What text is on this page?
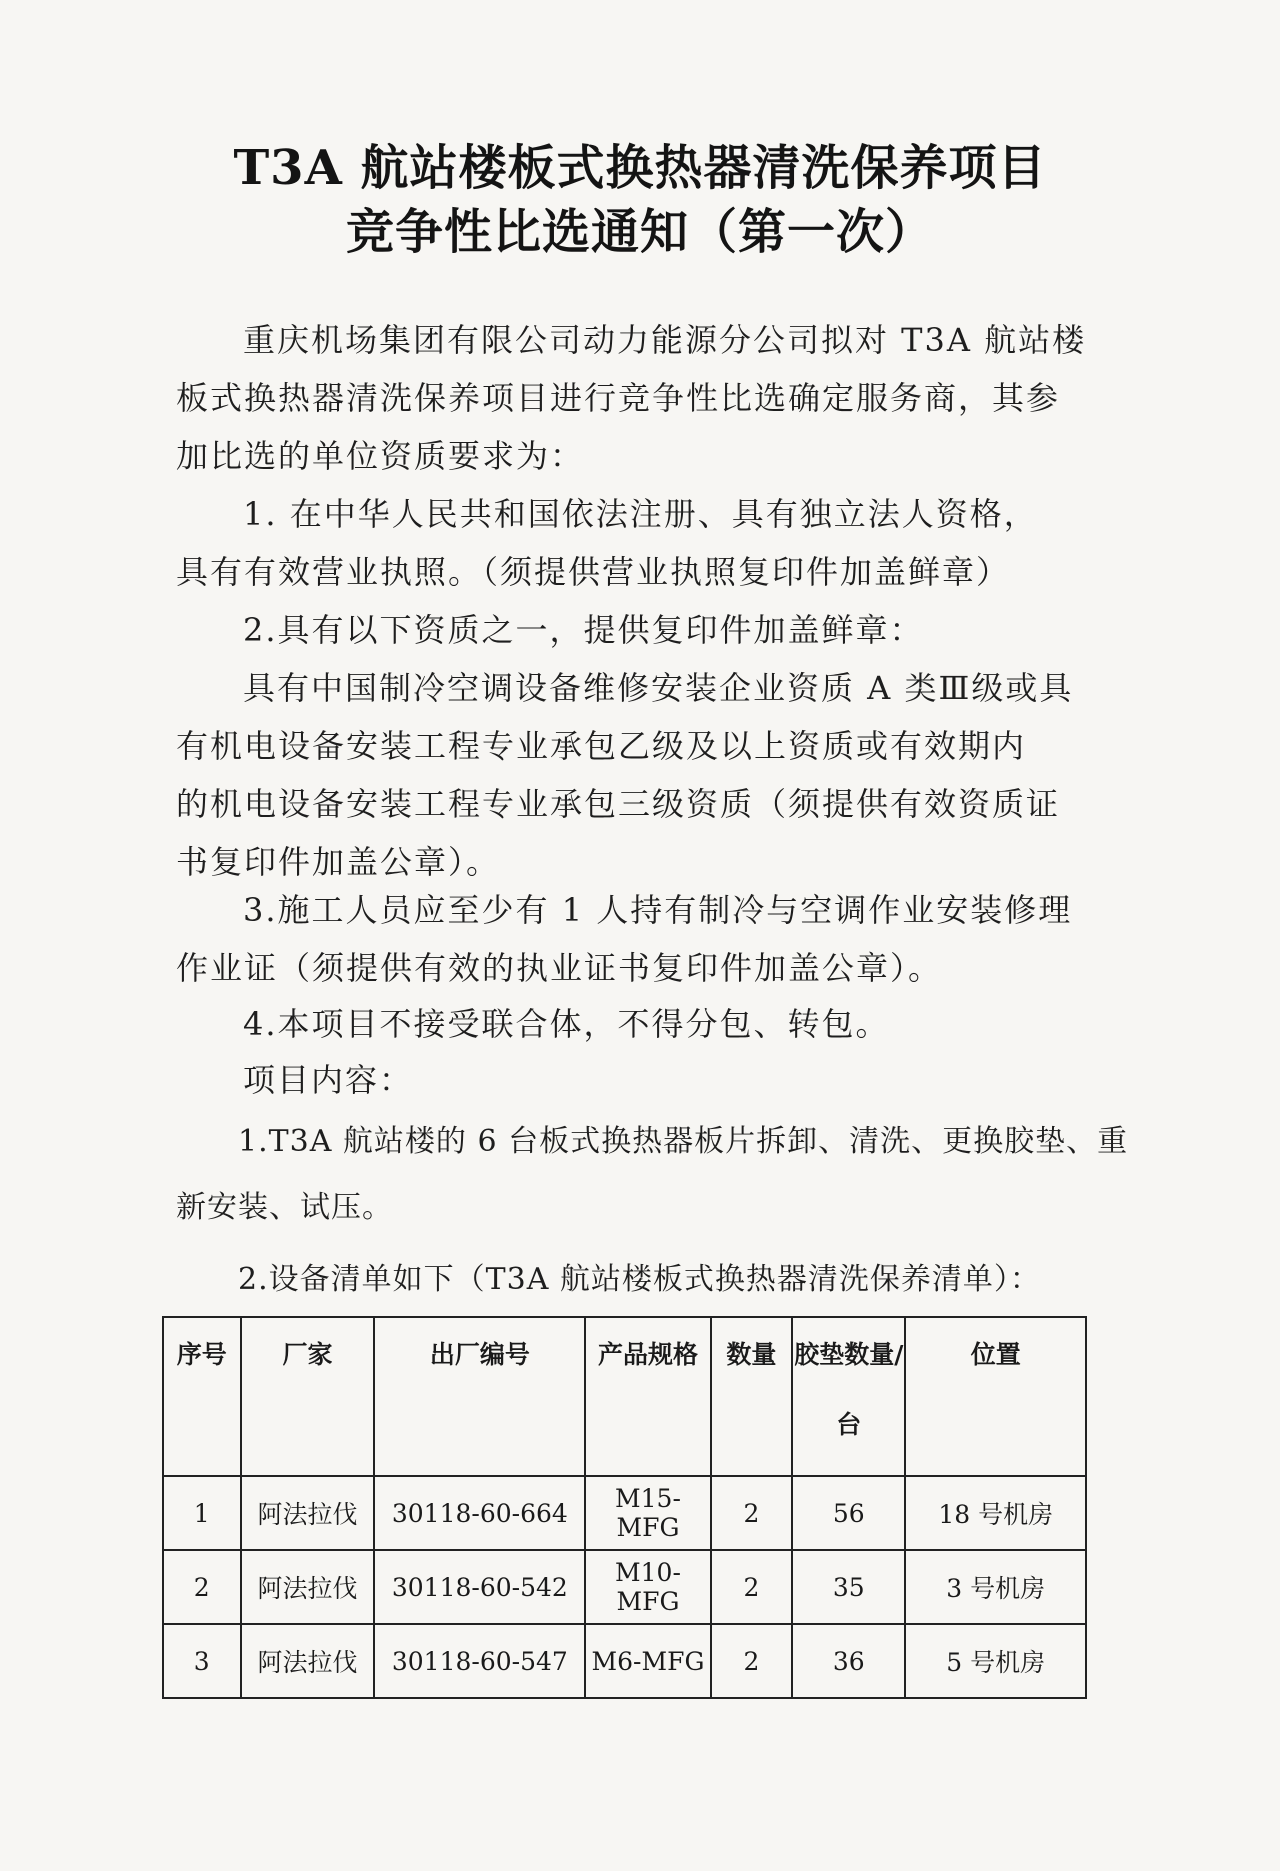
T3A 航站楼板式换热器清洗保养项目
竞争性比选通知（第一次）
重庆机场集团有限公司动力能源分公司拟对 T3A 航站楼
板式换热器清洗保养项目进行竞争性比选确定服务商，其参
加比选的单位资质要求为：
1. 在中华人民共和国依法注册、具有独立法人资格，
具有有效营业执照。（须提供营业执照复印件加盖鲜章）
2.具有以下资质之一，提供复印件加盖鲜章：
具有中国制冷空调设备维修安装企业资质 A 类Ⅲ级或具
有机电设备安装工程专业承包乙级及以上资质或有效期内
的机电设备安装工程专业承包三级资质（须提供有效资质证
书复印件加盖公章）。
3.施工人员应至少有 1 人持有制冷与空调作业安装修理
作业证（须提供有效的执业证书复印件加盖公章）。
4.本项目不接受联合体，不得分包、转包。
项目内容：
1.T3A 航站楼的 6 台板式换热器板片拆卸、清洗、更换胶垫、重
新安装、试压。
2.设备清单如下（T3A 航站楼板式换热器清洗保养清单）：
序号	厂家	出厂编号	产品规格	数量	胶垫数量/台	位置
1	阿法拉伐	30118-60-664	M15-MFG	2	56	18 号机房
2	阿法拉伐	30118-60-542	M10-MFG	2	35	3 号机房
3	阿法拉伐	30118-60-547	M6-MFG	2	36	5 号机房
